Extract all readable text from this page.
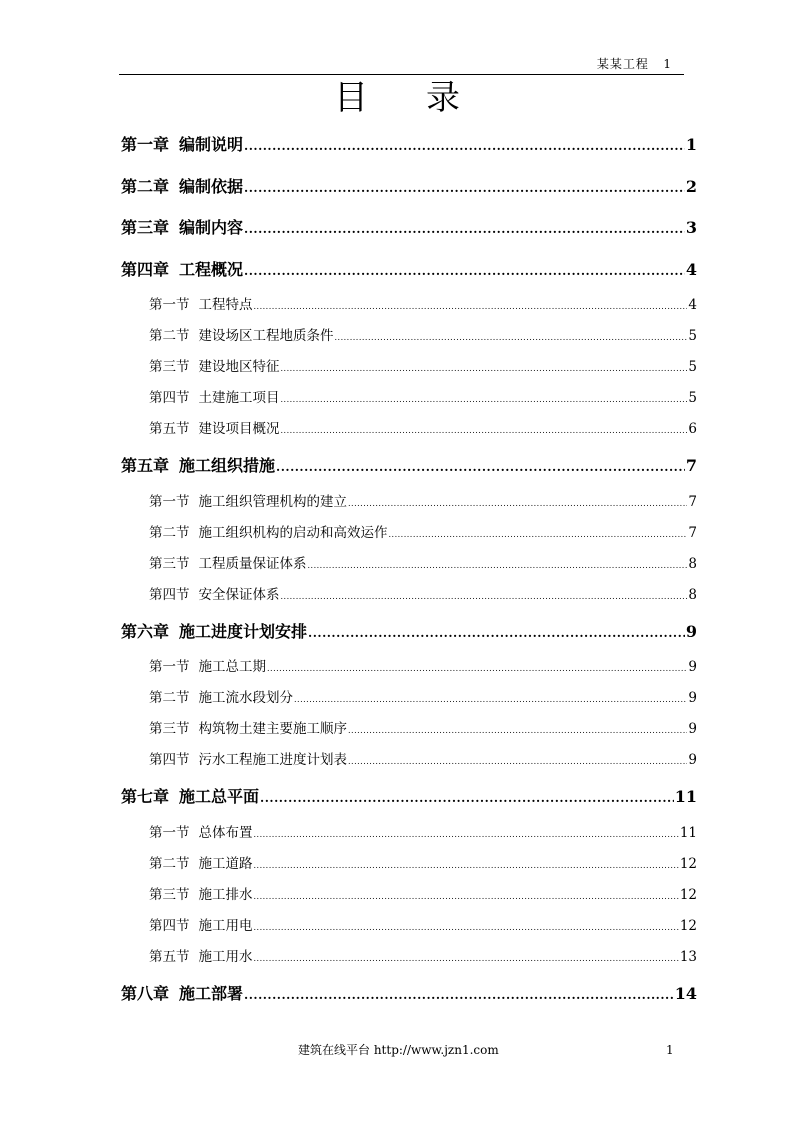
某某工程 1
目 录
第一章 编制说明 .....	1
第二章 编制依据 .....	2
第三章 编制内容 .....	3
第四章 工程概况 .....	4
第一节 工程特点 .....	4
第二节 建设场区工程地质条件 .....	5
第三节 建设地区特征 .....	5
第四节 土建施工项目 .....	5
第五节 建设项目概况 .....	6
第五章 施工组织措施 .....	7
第一节 施工组织管理机构的建立 .....	7
第二节 施工组织机构的启动和高效运作 .....	7
第三节 工程质量保证体系 .....	8
第四节 安全保证体系 .....	8
第六章 施工进度计划安排 .....	9
第一节 施工总工期 .....	9
第二节 施工流水段划分 .....	9
第三节 构筑物土建主要施工顺序 .....	9
第四节 污水工程施工进度计划表 .....	9
第七章 施工总平面 .....	11
第一节 总体布置 .....	11
第二节 施工道路 .....	12
第三节 施工排水 .....	12
第四节 施工用电 .....	12
第五节 施工用水 .....	13
第八章 施工部署 .....	14
建筑在线平台 http://www.jzn1.com	1
